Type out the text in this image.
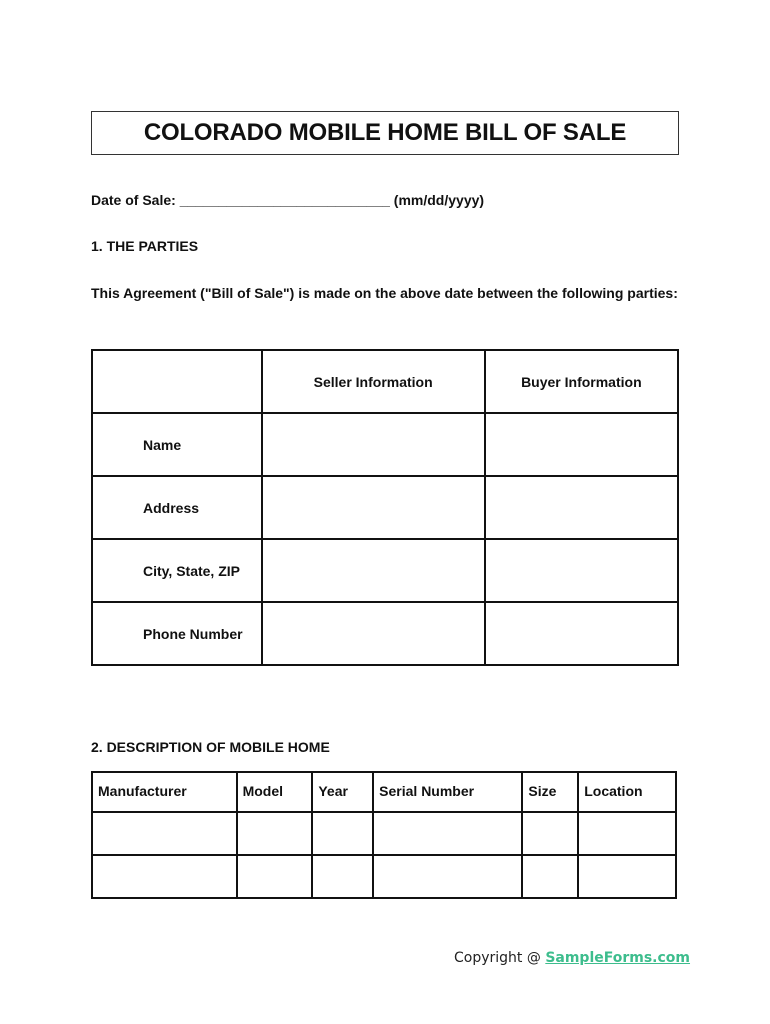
COLORADO MOBILE HOME BILL OF SALE
Date of Sale: ___________________________ (mm/dd/yyyy)
1. THE PARTIES
This Agreement ("Bill of Sale") is made on the above date between the following parties:
	Seller Information	Buyer Information
Name		
Address		
City, State, ZIP		
Phone Number		
2. DESCRIPTION OF MOBILE HOME
Manufacturer	Model	Year	Serial Number	Size	Location

Copyright @ SampleForms.com
